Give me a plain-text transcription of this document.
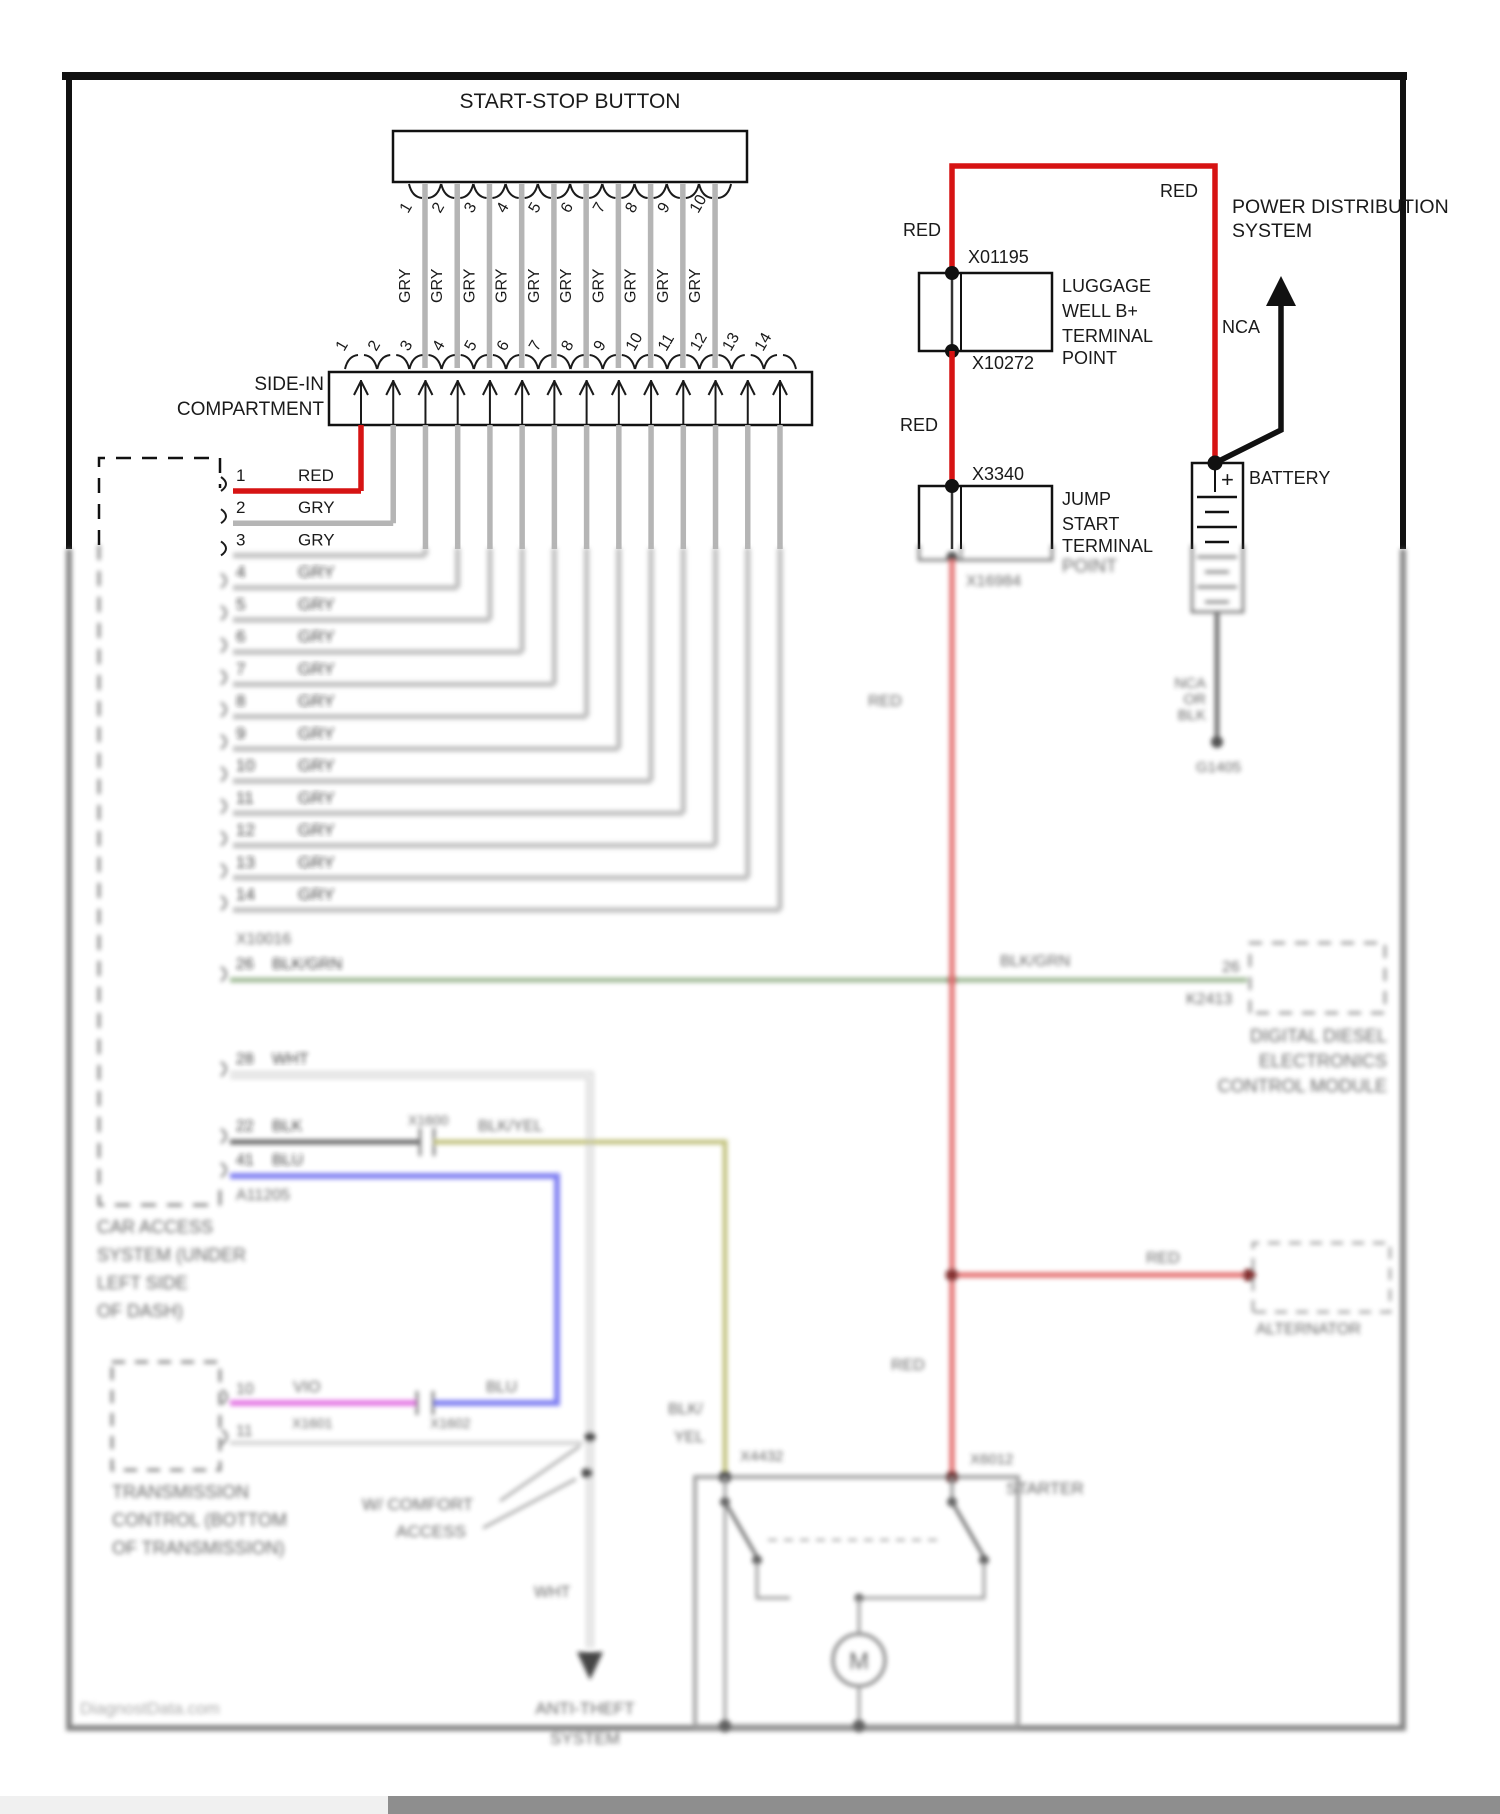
START-STOP BUTTON
1
GRY
2
GRY
3
GRY
4
GRY
5
GRY
6
GRY
7
GRY
8
GRY
9
GRY
10
GRY
SIDE-IN
COMPARTMENT
1 2 3 4 5 6 7 8 9 10 11 12 13 14
1	RED
2	GRY
3	GRY
RED
RED
POWER DISTRIBUTION
SYSTEM
X01195
X10272
LUGGAGE
WELL B+
TERMINAL
POINT
RED
X3340
JUMP
START
TERMINAL
NCA
+ BATTERY
4	GRY
5	GRY
6	GRY
7	GRY
8	GRY
9	GRY
10	GRY
11	GRY
12	GRY
13	GRY
14	GRY
X10016
26 BLK/GRN
28 WHT
22 BLK
41 BLU
A11205
CAR ACCESS
SYSTEM (UNDER
LEFT SIDE
OF DASH)
BLK/GRN	26
K2413
DIGITAL DIESEL
ELECTRONICS
CONTROL MODULE
WHT
ANTI-THEFT
SYSTEM
X1600 BLK/YEL
BLK/
YEL
VIO	BLU
X1601	X1602
10
11
TRANSMISSION
CONTROL (BOTTOM
OF TRANSMISSION)
W/ COMFORT
ACCESS
POINT
X16984
RED
RED
NCA
OR
BLK
G1405
RED
ALTERNATOR
X4432	X6012
STARTER
M
DiagnostData.com
